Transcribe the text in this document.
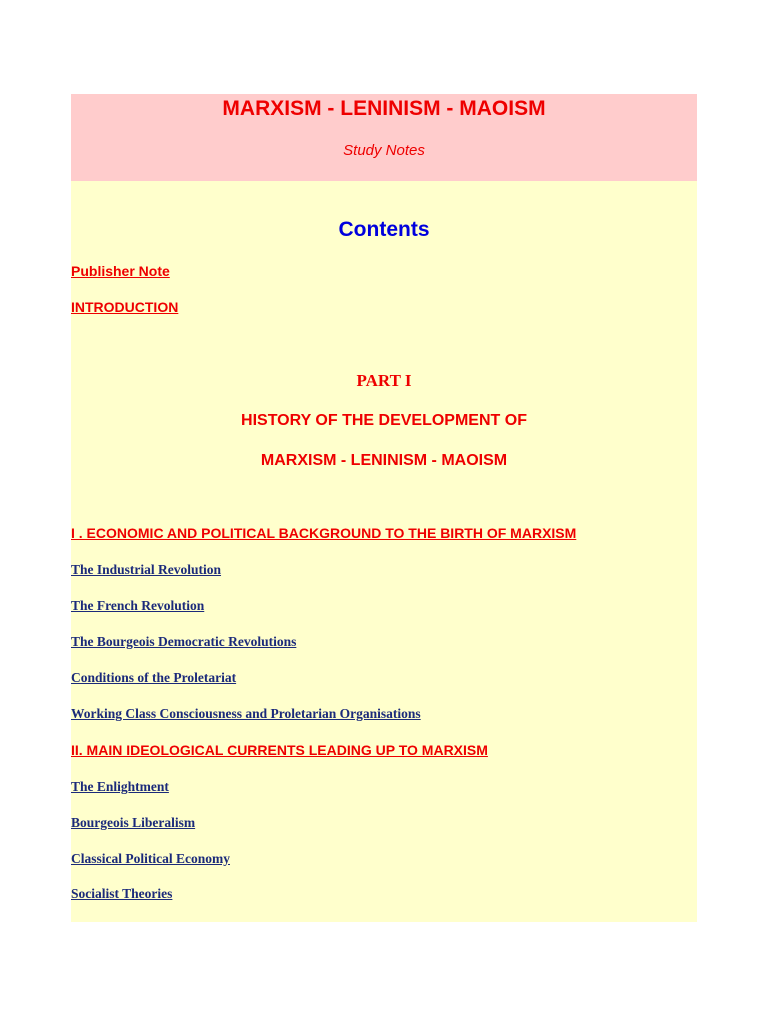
MARXISM - LENINISM - MAOISM

Study Notes

Contents
Publisher Note
INTRODUCTION

PART I

HISTORY OF THE DEVELOPMENT OF

MARXISM - LENINISM - MAOISM

I . ECONOMIC AND POLITICAL BACKGROUND TO THE BIRTH OF MARXISM
The Industrial Revolution
The French Revolution
The Bourgeois Democratic Revolutions
Conditions of the Proletariat
Working Class Consciousness and Proletarian Organisations
II. MAIN IDEOLOGICAL CURRENTS LEADING UP TO MARXISM
The Enlightment
Bourgeois Liberalism
Classical Political Economy
Socialist Theories
